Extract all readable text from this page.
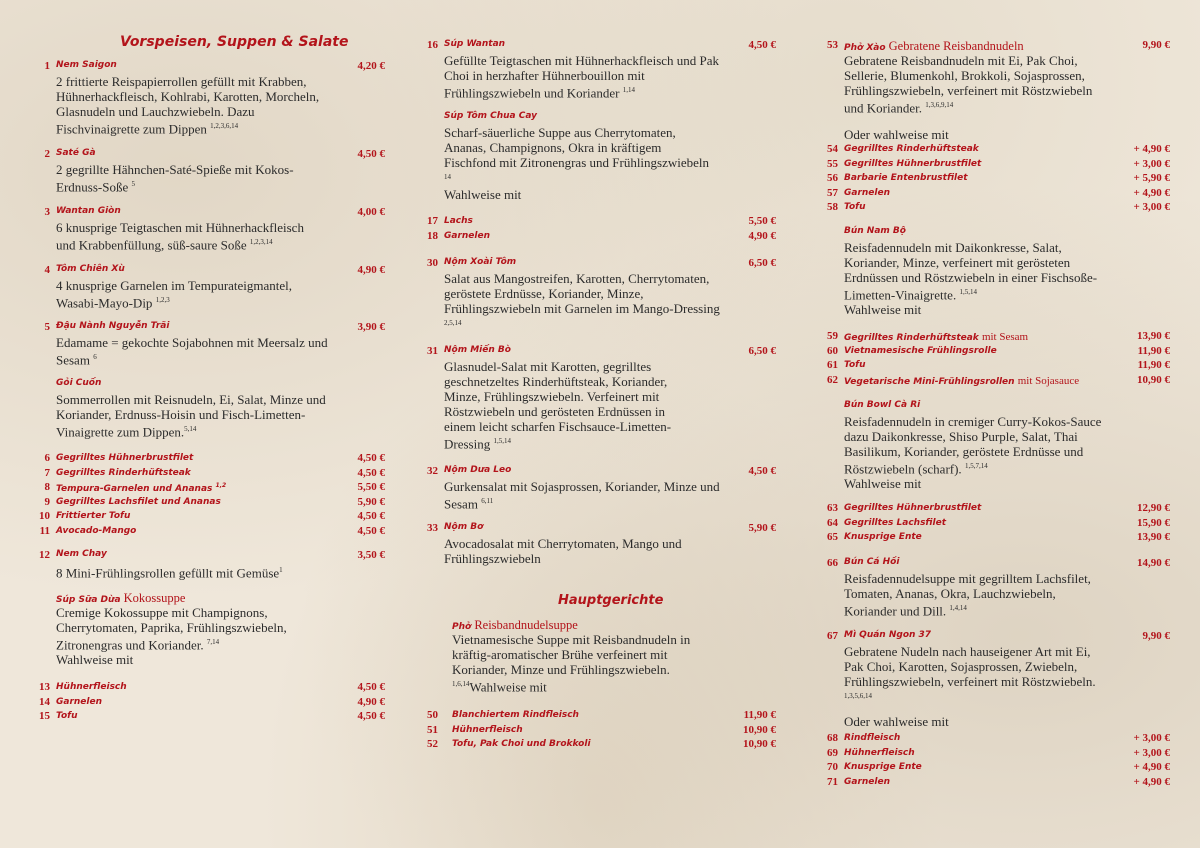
Vorspeisen, Suppen & Salate
1 Nem Saigon	4,20 €
2 frittierte Reispapierrollen gefüllt mit Krabben, Hühnerhackfleisch, Kohlrabi, Karotten, Morcheln, Glasnudeln und Lauchzwiebeln. Dazu Fischvinaigrette zum Dippen $^{1,2,3,6,14}$
2 Saté Gà	4,50 €
2 gegrillte Hähnchen-Saté-Spieße mit Kokos-Erdnuss-Soße $^5$
3 Wantan Giòn	4,00 €
6 knusprige Teigtaschen mit Hühnerhackfleisch und Krabbenfüllung, süß-saure Soße $^{1,2,3,14}$
4 Tôm Chiên Xù	4,90 €
4 knusprige Garnelen im Tempurateigmantel, Wasabi-Mayo-Dip $^{1,2,3}$
5 Đậu Nành Nguyễn Trãi	3,90 €
Edamame = gekochte Sojabohnen mit Meersalz und Sesam $^6$
Gỏi Cuốn
Sommerrollen mit Reisnudeln, Ei, Salat, Minze und Koriander, Erdnuss-Hoisin und Fisch-Limetten-Vinaigrette zum Dippen.$^{5,14}$
6 Gegrilltes Hühnerbrustfilet	4,50 €
7 Gegrilltes Rinderhüftsteak	4,50 €
8 Tempura-Garnelen und Ananas $^{1,2}$	5,50 €
9 Gegrilltes Lachsfilet und Ananas	5,90 €
10 Frittierter Tofu	4,50 €
11 Avocado-Mango	4,50 €
12 Nem Chay	3,50 €
8 Mini-Frühlingsrollen gefüllt mit Gemüse$^1$
Súp Sữa Dừa Kokossuppe
Cremige Kokossuppe mit Champignons, Cherrytomaten, Paprika, Frühlingszwiebeln, Zitronengras und Koriander. $^{7,14}$
Wahlweise mit
13 Hühnerfleisch	4,50 €
14 Garnelen	4,90 €
15 Tofu	4,50 €
16 Súp Wantan	4,50 €
Gefüllte Teigtaschen mit Hühnerhackfleisch und Pak Choi in herzhafter Hühnerbouillon mit Frühlingszwiebeln und Koriander $^{1,14}$
Súp Tôm Chua Cay
Scharf-säuerliche Suppe aus Cherrytomaten, Ananas, Champignons, Okra in kräftigem Fischfond mit Zitronengras und Frühlingszwiebeln $^{14}$
Wahlweise mit
17 Lachs	5,50 €
18 Garnelen	4,90 €
30 Nộm Xoài Tôm	6,50 €
Salat aus Mangostreifen, Karotten, Cherrytomaten, geröstete Erdnüsse, Koriander, Minze, Frühlingszwiebeln mit Garnelen im Mango-Dressing $^{2,5,14}$
31 Nộm Miến Bò	6,50 €
Glasnudel-Salat mit Karotten, gegrilltes geschnetzeltes Rinderhüftsteak, Koriander, Minze, Frühlingszwiebeln. Verfeinert mit Röstzwiebeln und gerösteten Erdnüssen in einem leicht scharfen Fischsauce-Limetten-Dressing $^{1,5,14}$
32 Nộm Dưa Leo	4,50 €
Gurkensalat mit Sojasprossen, Koriander, Minze und Sesam $^{6,11}$
33 Nộm Bơ	5,90 €
Avocadosalat mit Cherrytomaten, Mango und Frühlingszwiebeln
Hauptgerichte
Phở Reisbandnudelsuppe
Vietnamesische Suppe mit Reisbandnudeln in kräftig-aromatischer Brühe verfeinert mit Koriander, Minze und Frühlingszwiebeln.
$^{1,6,14}$Wahlweise mit
50 Blanchiertem Rindfleisch	11,90 €
51 Hühnerfleisch	10,90 €
52 Tofu, Pak Choi und Brokkoli	10,90 €
53 Phở Xào Gebratene Reisbandnudeln	9,90 €
Gebratene Reisbandnudeln mit Ei, Pak Choi, Sellerie, Blumenkohl, Brokkoli, Sojasprossen, Frühlingszwiebeln, verfeinert mit Röstzwiebeln und Koriander. $^{1,3,6,9,14}$
Oder wahlweise mit
54 Gegrilltes Rinderhüftsteak	+ 4,90 €
55 Gegrilltes Hühnerbrustfilet	+ 3,00 €
56 Barbarie Entenbrustfilet	+ 5,90 €
57 Garnelen	+ 4,90 €
58 Tofu	+ 3,00 €
Bún Nam Bộ
Reisfadennudeln mit Daikonkresse, Salat, Koriander, Minze, verfeinert mit gerösteten Erdnüssen und Röstzwiebeln in einer Fischsoße-Limetten-Vinaigrette. $^{1,5,14}$
Wahlweise mit
59 Gegrilltes Rinderhüftsteak mit Sesam	13,90 €
60 Vietnamesische Frühlingsrolle	11,90 €
61 Tofu	11,90 €
62 Vegetarische Mini-Frühlingsrollen mit Sojasauce	10,90 €
Bún Bowl Cà Ri
Reisfadennudeln in cremiger Curry-Kokos-Sauce dazu Daikonkresse, Shiso Purple, Salat, Thai Basilikum, Koriander, geröstete Erdnüsse und Röstzwiebeln (scharf). $^{1,5,7,14}$
Wahlweise mit
63 Gegrilltes Hühnerbrustfilet	12,90 €
64 Gegrilltes Lachsfilet	15,90 €
65 Knusprige Ente	13,90 €
66 Bún Cá Hồi	14,90 €
Reisfadennudelsuppe mit gegrilltem Lachsfilet, Tomaten, Ananas, Okra, Lauchzwiebeln, Koriander und Dill. $^{1,4,14}$
67 Mì Quán Ngon 37	9,90 €
Gebratene Nudeln nach hauseigener Art mit Ei, Pak Choi, Karotten, Sojasprossen, Zwiebeln, Frühlingszwiebeln, verfeinert mit Röstzwiebeln. $^{1,3,5,6,14}$
Oder wahlweise mit
68 Rindfleisch	+ 3,00 €
69 Hühnerfleisch	+ 3,00 €
70 Knusprige Ente	+ 4,90 €
71 Garnelen	+ 4,90 €
